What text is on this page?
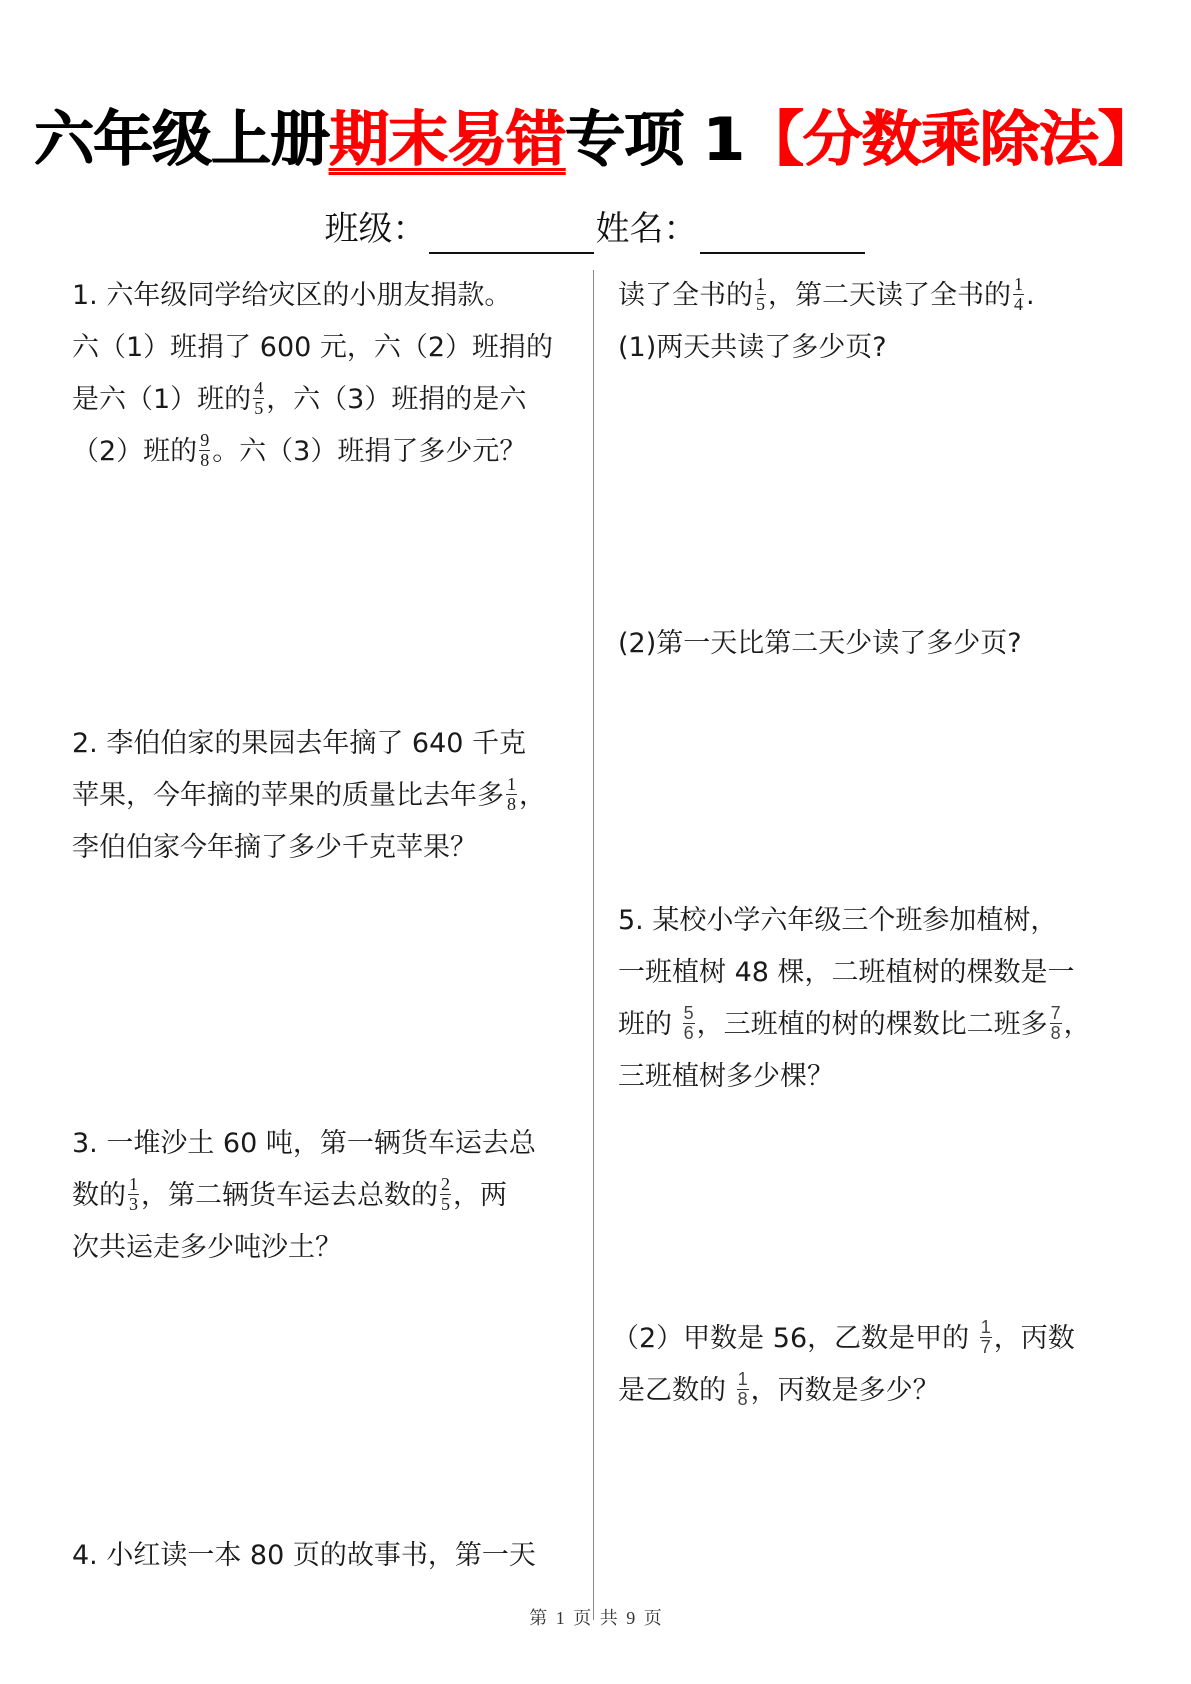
六年级上册期末易错专项 1【分数乘除法】
班级：	姓名：
1. 六年级同学给灾区的小朋友捐款。
六（1）班捐了 600 元，六（2）班捐的
是六（1）班的 $\frac{4}{5}$ ，六（3）班捐的是六
（2）班的 $\frac{9}{8}$ 。六（3）班捐了多少元？
2. 李伯伯家的果园去年摘了 640 千克
苹果，今年摘的苹果的质量比去年多 $\frac{1}{8}$ ，
李伯伯家今年摘了多少千克苹果？
3. 一堆沙土 60 吨，第一辆货车运去总
数的 $\frac{1}{3}$ ，第二辆货车运去总数的 $\frac{2}{5}$ ，两
次共运走多少吨沙土？
4. 小红读一本 80 页的故事书，第一天
读了全书的 $\frac{1}{5}$ ，第二天读了全书的 $\frac{1}{4}$ .
(1)两天共读了多少页?
(2)第一天比第二天少读了多少页?
5. 某校小学六年级三个班参加植树，
一班植树 48 棵，二班植树的棵数是一
班的 $\frac{5}{6}$ ，三班植的树的棵数比二班多 $\frac{7}{8}$ ，
三班植树多少棵？
（2）甲数是 56，乙数是甲的 $\frac{1}{7}$ ，丙数
是乙数的 $\frac{1}{8}$ ，丙数是多少？
第 1 页 共 9 页
